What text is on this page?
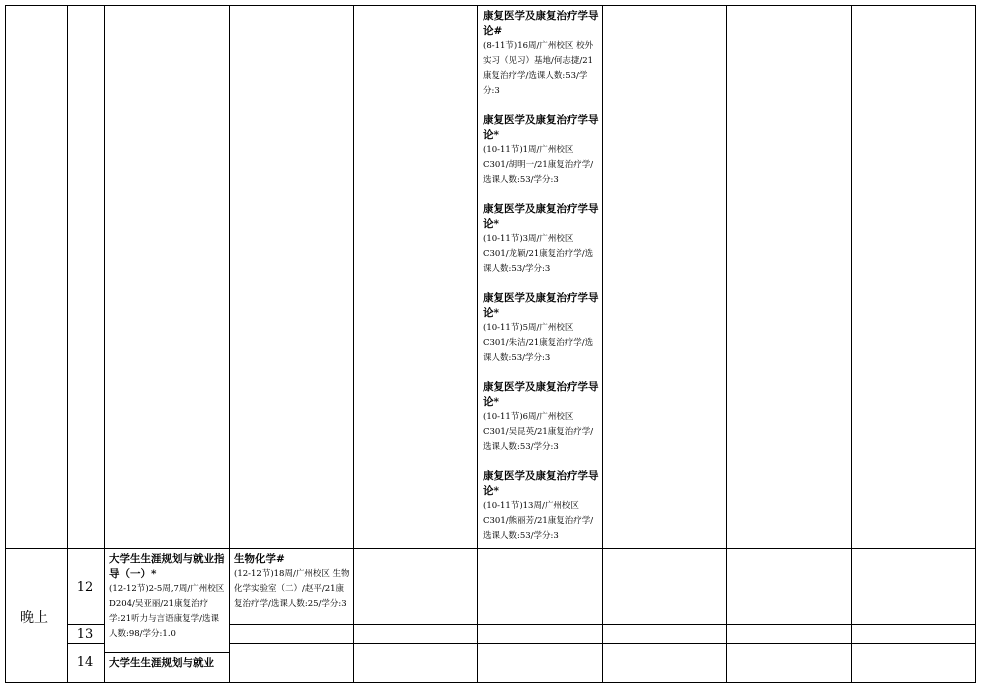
康复医学及康复治疗学导论#
(8-11节)16周/广州校区 校外实习（见习）基地/何志捷/21康复治疗学/选课人数:53/学分:3
康复医学及康复治疗学导论*
(10-11节)1周/广州校区 C301/胡明一/21康复治疗学/选课人数:53/学分:3
康复医学及康复治疗学导论*
(10-11节)3周/广州校区 C301/龙颖/21康复治疗学/选课人数:53/学分:3
康复医学及康复治疗学导论*
(10-11节)5周/广州校区 C301/朱洁/21康复治疗学/选课人数:53/学分:3
康复医学及康复治疗学导论*
(10-11节)6周/广州校区 C301/吴昆英/21康复治疗学/选课人数:53/学分:3
康复医学及康复治疗学导论*
(10-11节)13周/广州校区 C301/熊丽芳/21康复治疗学/选课人数:53/学分:3
晚上
12
13
14
大学生生涯规划与就业指导（一）*
(12-12节)2-5周,7周/广州校区 D204/吴亚丽/21康复治疗学:21听力与言语康复学/选课人数:98/学分:1.0
大学生生涯规划与就业
生物化学#
(12-12节)18周/广州校区 生物化学实验室（二）/赵平/21康复治疗学/选课人数:25/学分:3
